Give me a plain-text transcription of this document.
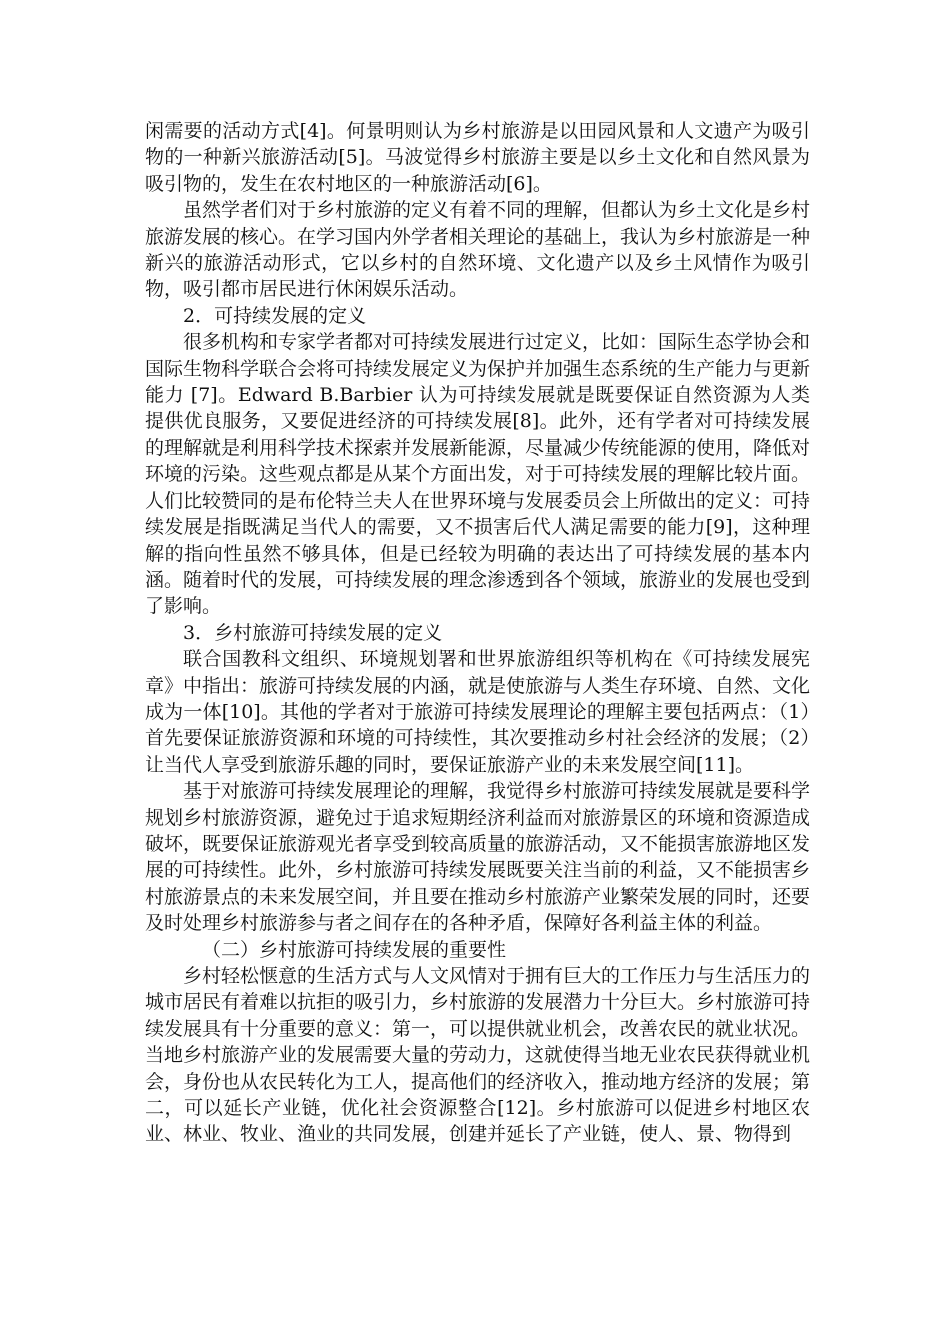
闲需要的活动方式[4]。何景明则认为乡村旅游是以田园风景和人文遗产为吸引物的一种新兴旅游活动[5]。马波觉得乡村旅游主要是以乡土文化和自然风景为吸引物的，发生在农村地区的一种旅游活动[6]。

虽然学者们对于乡村旅游的定义有着不同的理解，但都认为乡土文化是乡村旅游发展的核心。在学习国内外学者相关理论的基础上，我认为乡村旅游是一种新兴的旅游活动形式，它以乡村的自然环境、文化遗产以及乡土风情作为吸引物，吸引都市居民进行休闲娱乐活动。

2．可持续发展的定义

很多机构和专家学者都对可持续发展进行过定义，比如：国际生态学协会和国际生物科学联合会将可持续发展定义为保护并加强生态系统的生产能力与更新能力 [7]。Edward B.Barbier 认为可持续发展就是既要保证自然资源为人类提供优良服务，又要促进经济的可持续发展[8]。此外，还有学者对可持续发展的理解就是利用科学技术探索并发展新能源，尽量减少传统能源的使用，降低对环境的污染。这些观点都是从某个方面出发，对于可持续发展的理解比较片面。人们比较赞同的是布伦特兰夫人在世界环境与发展委员会上所做出的定义：可持续发展是指既满足当代人的需要，又不损害后代人满足需要的能力[9]，这种理解的指向性虽然不够具体，但是已经较为明确的表达出了可持续发展的基本内涵。随着时代的发展，可持续发展的理念渗透到各个领域，旅游业的发展也受到了影响。

3．乡村旅游可持续发展的定义

联合国教科文组织、环境规划署和世界旅游组织等机构在《可持续发展宪章》中指出：旅游可持续发展的内涵，就是使旅游与人类生存环境、自然、文化成为一体[10]。其他的学者对于旅游可持续发展理论的理解主要包括两点：（1）首先要保证旅游资源和环境的可持续性，其次要推动乡村社会经济的发展；（2）让当代人享受到旅游乐趣的同时，要保证旅游产业的未来发展空间[11]。

基于对旅游可持续发展理论的理解，我觉得乡村旅游可持续发展就是要科学规划乡村旅游资源，避免过于追求短期经济利益而对旅游景区的环境和资源造成破坏，既要保证旅游观光者享受到较高质量的旅游活动，又不能损害旅游地区发展的可持续性。此外，乡村旅游可持续发展既要关注当前的利益，又不能损害乡村旅游景点的未来发展空间，并且要在推动乡村旅游产业繁荣发展的同时，还要及时处理乡村旅游参与者之间存在的各种矛盾，保障好各利益主体的利益。

（二）乡村旅游可持续发展的重要性

乡村轻松惬意的生活方式与人文风情对于拥有巨大的工作压力与生活压力的城市居民有着难以抗拒的吸引力，乡村旅游的发展潜力十分巨大。乡村旅游可持续发展具有十分重要的意义：第一，可以提供就业机会，改善农民的就业状况。当地乡村旅游产业的发展需要大量的劳动力，这就使得当地无业农民获得就业机会，身份也从农民转化为工人，提高他们的经济收入，推动地方经济的发展；第二，可以延长产业链，优化社会资源整合[12]。乡村旅游可以促进乡村地区农业、林业、牧业、渔业的共同发展，创建并延长了产业链，使人、景、物得到
